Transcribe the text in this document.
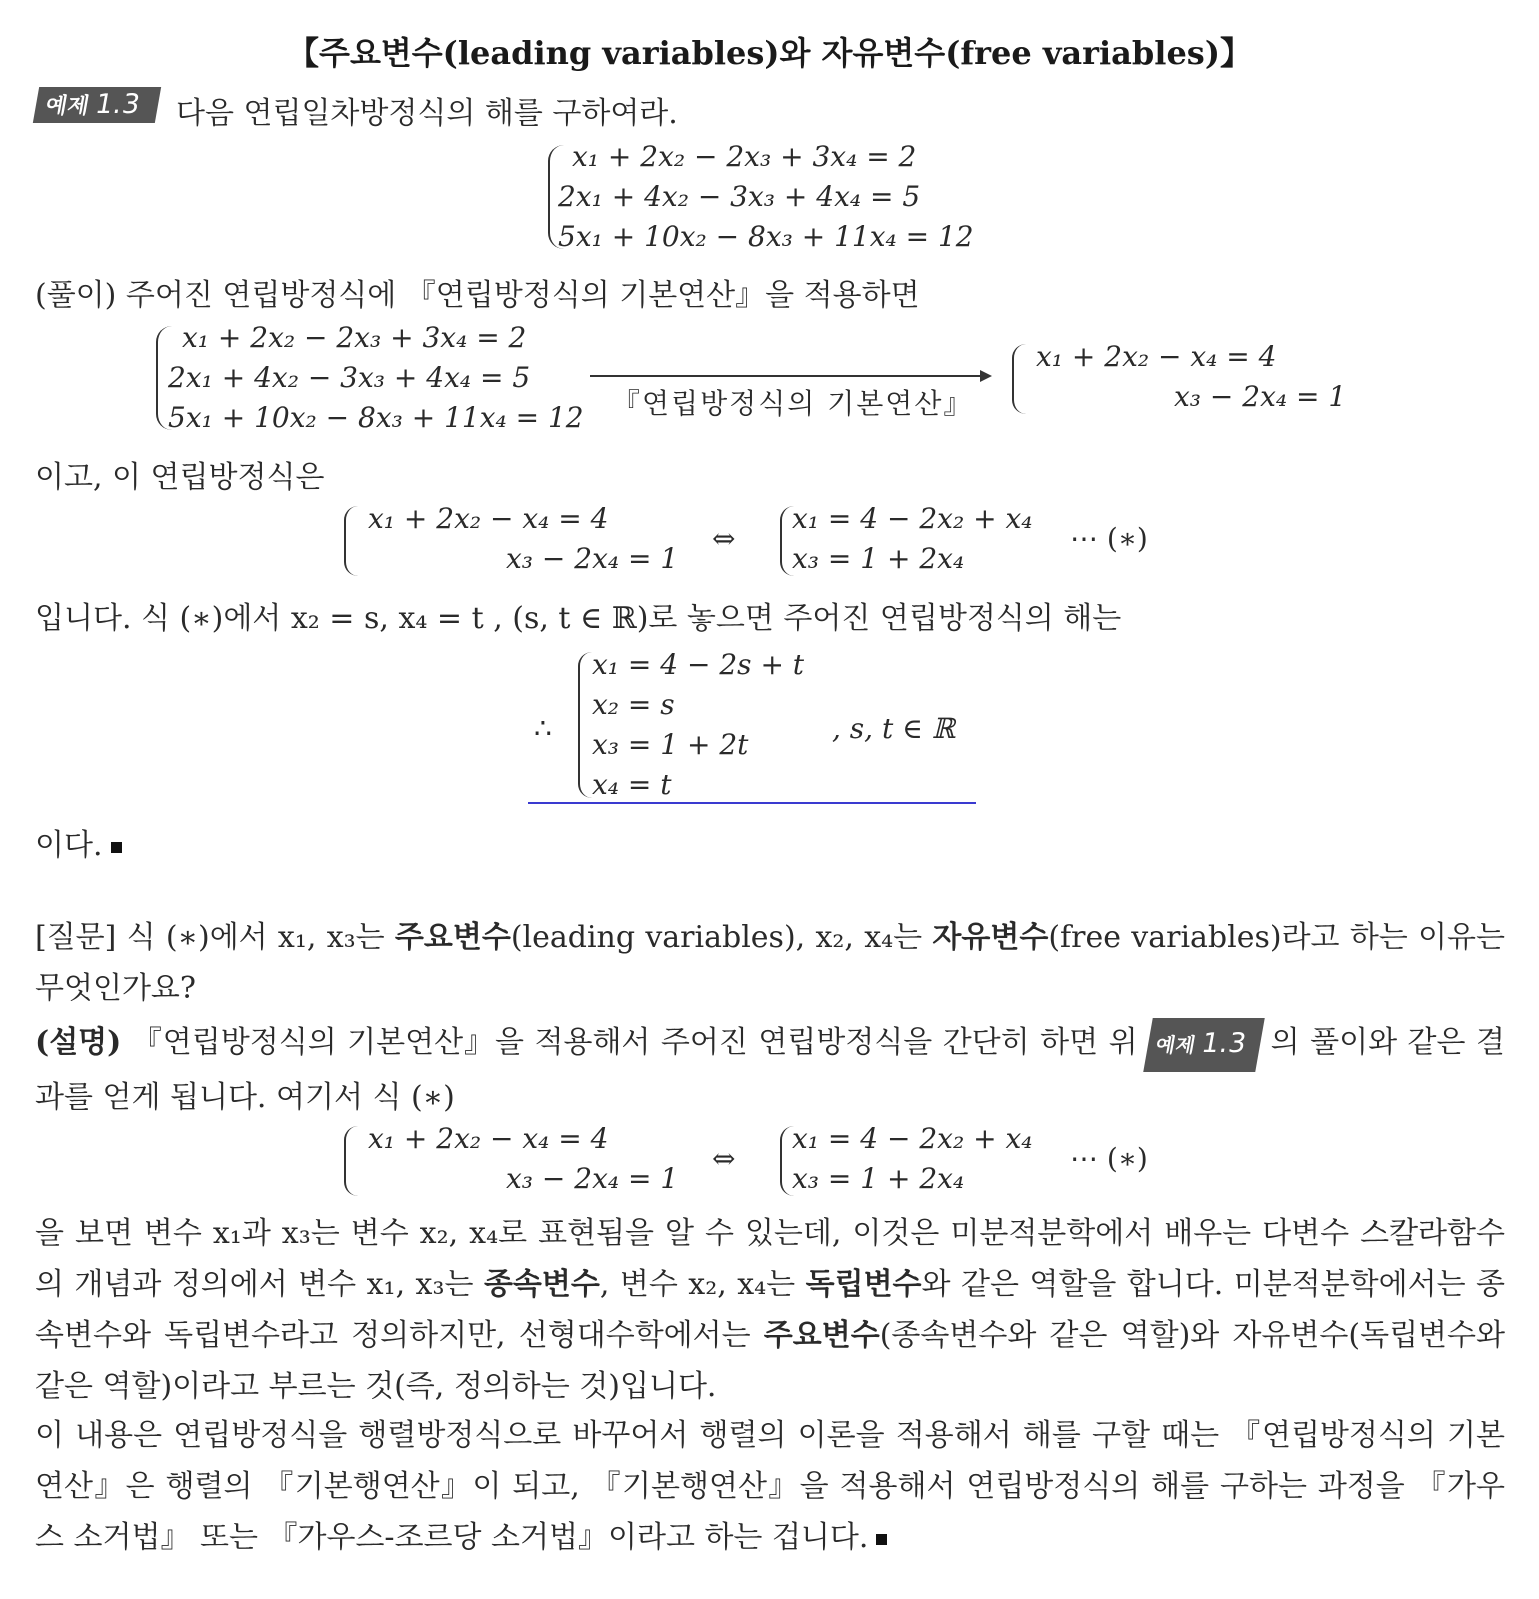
【주요변수(leading variables)와 자유변수(free variables)】
예제1.3	다음 연립일차방정식의 해를 구하여라.
x₁ + 2x₂ − 2x₃ + 3x₄ = 2
2x₁ + 4x₂ − 3x₃ + 4x₄ = 5
5x₁ + 10x₂ − 8x₃ + 11x₄ = 12
(풀이) 주어진 연립방정식에 『연립방정식의 기본연산』을 적용하면
x₁ + 2x₂ − 2x₃ + 3x₄ = 2
2x₁ + 4x₂ − 3x₃ + 4x₄ = 5
5x₁ + 10x₂ − 8x₃ + 11x₄ = 12 『연립방정식의 기본연산』
x₁ + 2x₂ − x₄ = 4
x₃ − 2x₄ = 1
이고, 이 연립방정식은
x₁ + 2x₂ − x₄ = 4
x₃ − 2x₄ = 1
⇔
x₁ = 4 − 2x₂ + x₄
x₃ = 1 + 2x₄
⋯ (∗)
입니다. 식 (∗)에서 x₂ = s, x₄ = t , (s, t ∈ ℝ)로 놓으면 주어진 연립방정식의 해는
∴
x₁ = 4 − 2s + t
x₂ = s
x₃ = 1 + 2t
x₄ = t
, s, t ∈ ℝ
이다.
[질문] 식 (∗)에서 x₁, x₃는 주요변수(leading variables), x₂, x₄는 자유변수(free variables)라고 하는 이유는 무엇인가요?
(설명) 『연립방정식의 기본연산』을 적용해서 주어진 연립방정식을 간단히 하면 위 예제1.3 의 풀이와 같은 결과를 얻게 됩니다. 여기서 식 (∗)
x₁ + 2x₂ − x₄ = 4
x₃ − 2x₄ = 1
⇔
x₁ = 4 − 2x₂ + x₄
x₃ = 1 + 2x₄
⋯ (∗)
을 보면 변수 x₁과 x₃는 변수 x₂, x₄로 표현됨을 알 수 있는데, 이것은 미분적분학에서 배우는 다변수 스칼라함수의 개념과 정의에서 변수 x₁, x₃는 종속변수, 변수 x₂, x₄는 독립변수와 같은 역할을 합니다. 미분적분학에서는 종속변수와 독립변수라고 정의하지만, 선형대수학에서는 주요변수(종속변수와 같은 역할)와 자유변수(독립변수와 같은 역할)이라고 부르는 것(즉, 정의하는 것)입니다.
이 내용은 연립방정식을 행렬방정식으로 바꾸어서 행렬의 이론을 적용해서 해를 구할 때는 『연립방정식의 기본연산』은 행렬의 『기본행연산』이 되고, 『기본행연산』을 적용해서 연립방정식의 해를 구하는 과정을 『가우스 소거법』 또는 『가우스-조르당 소거법』이라고 하는 겁니다.
